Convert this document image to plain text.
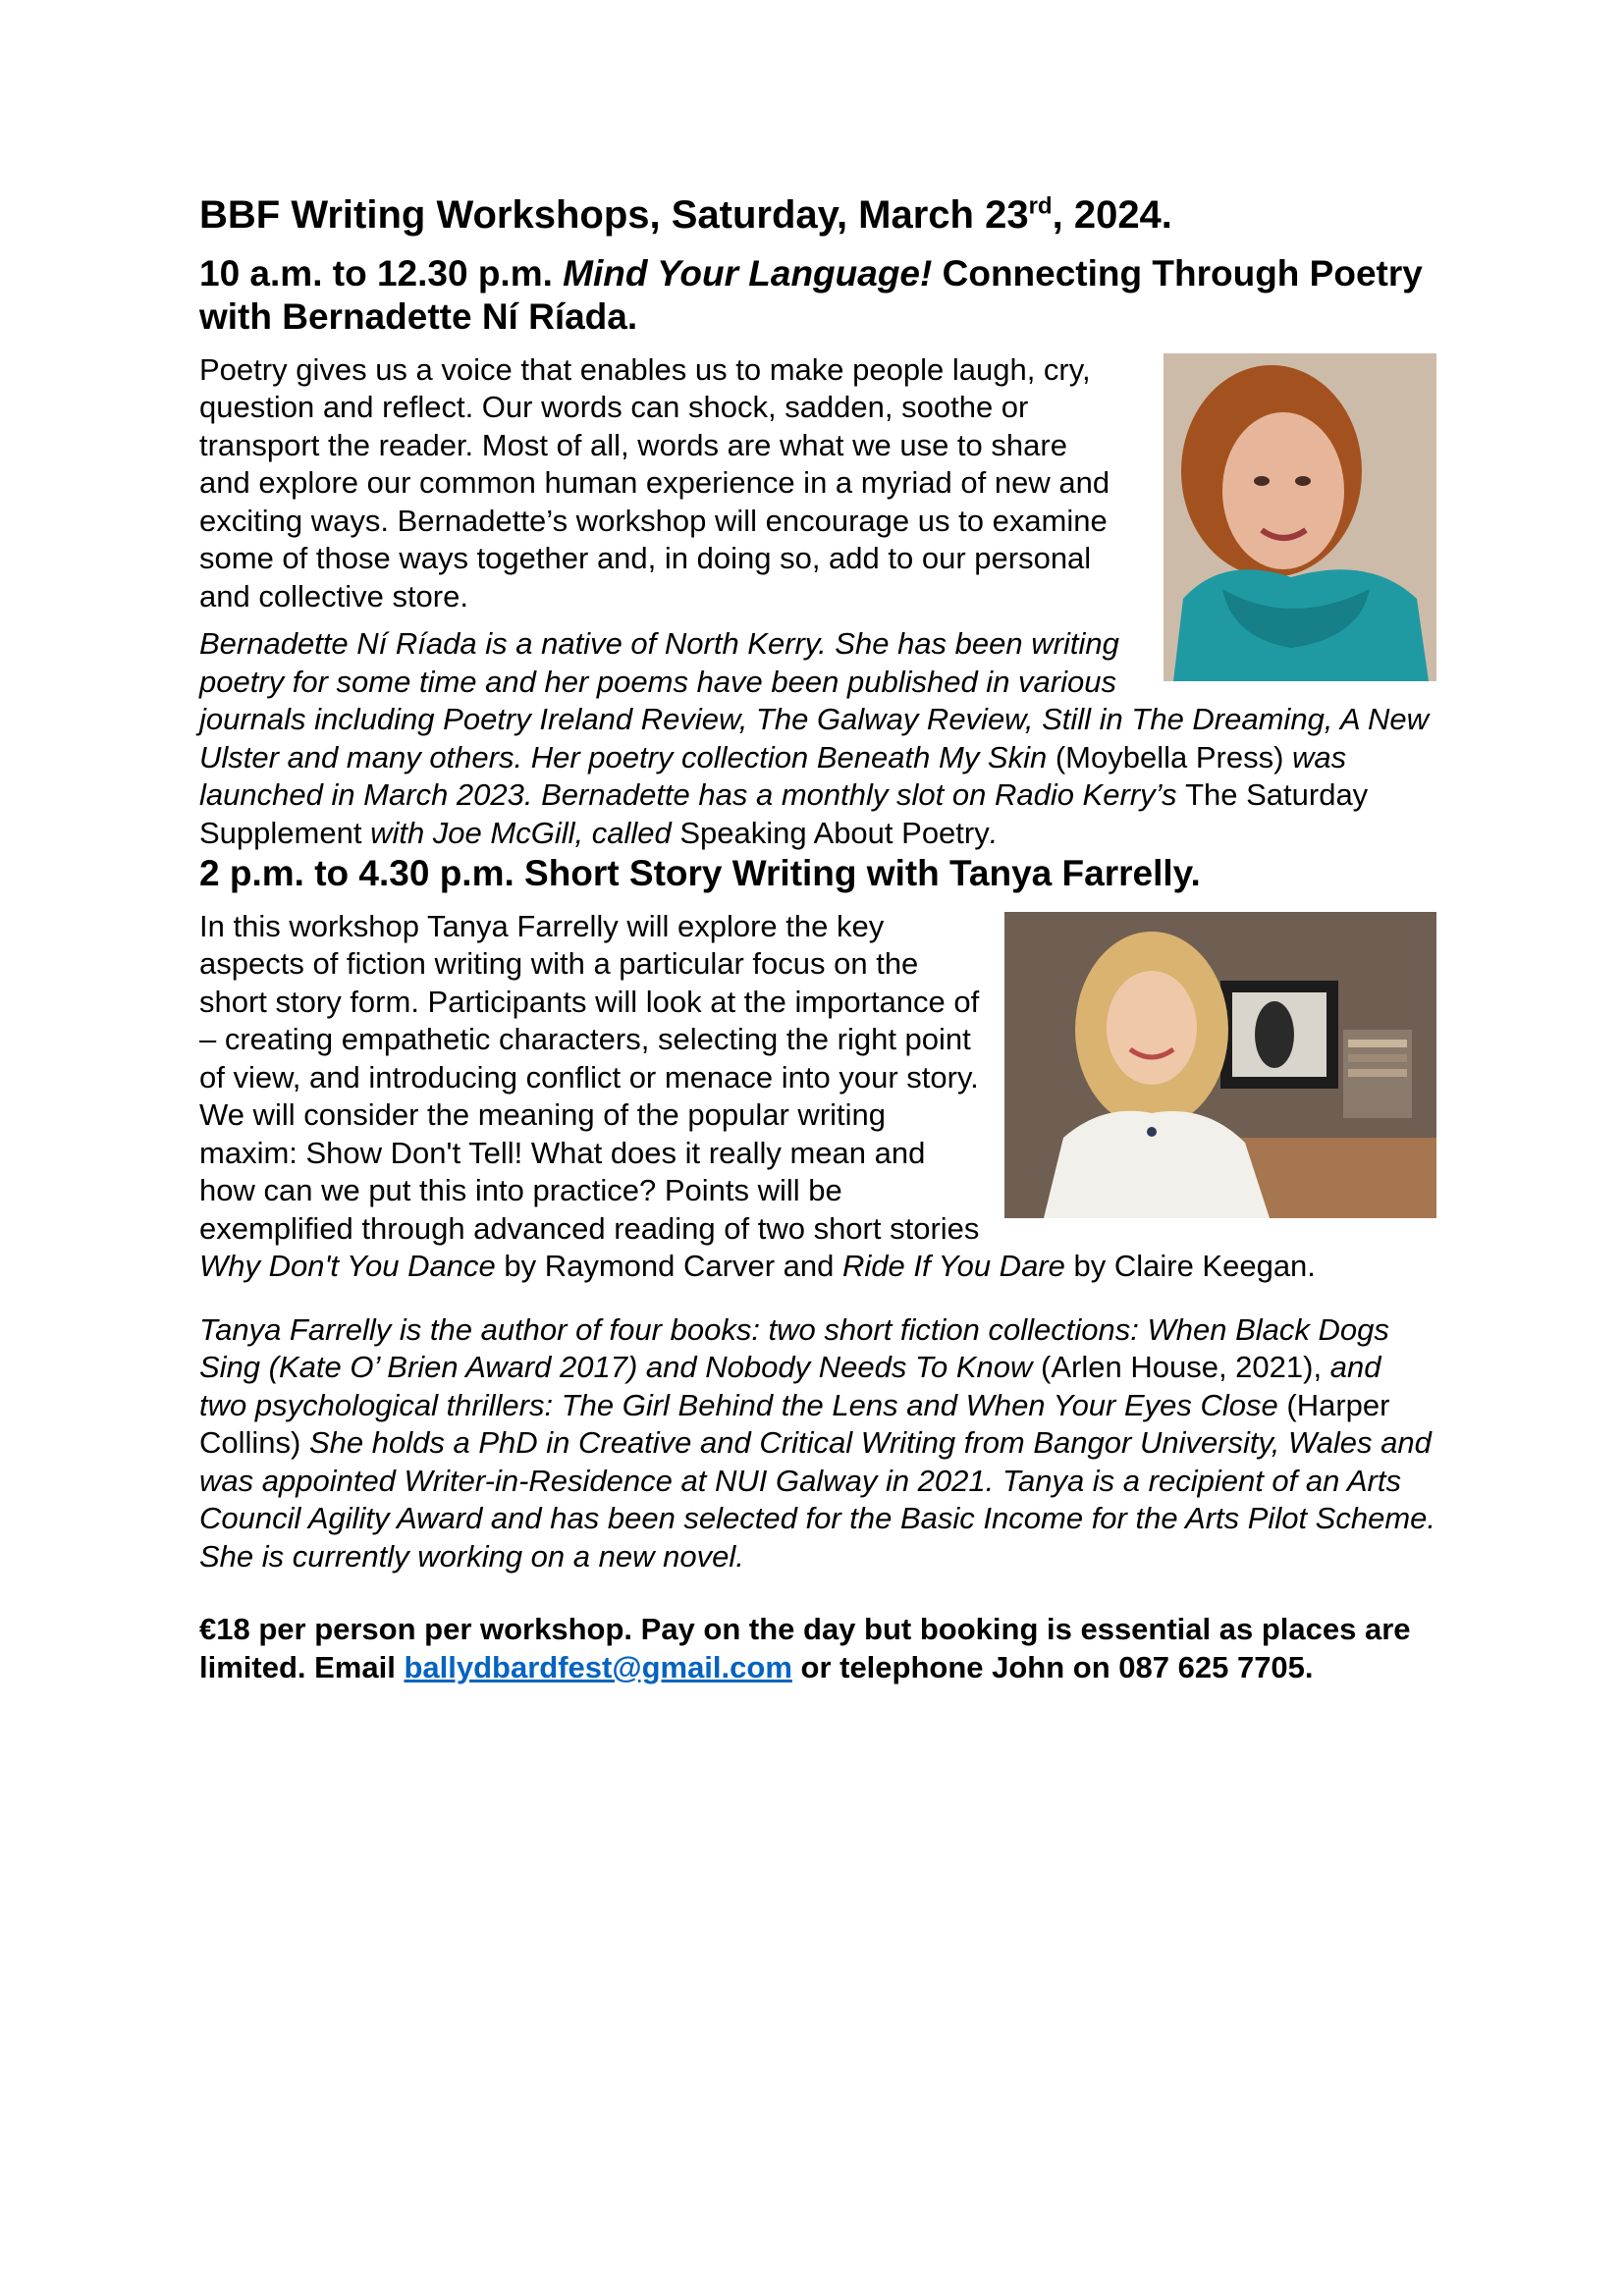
BBF Writing Workshops, Saturday, March 23rd, 2024.
10 a.m. to 12.30 p.m. Mind Your Language! Connecting Through Poetry with Bernadette Ní Ríada.

Poetry gives us a voice that enables us to make people laugh, cry, question and reflect. Our words can shock, sadden, soothe or transport the reader. Most of all, words are what we use to share and explore our common human experience in a myriad of new and exciting ways. Bernadette’s workshop will encourage us to examine some of those ways together and, in doing so, add to our personal and collective store.

Bernadette Ní Ríada is a native of North Kerry. She has been writing poetry for some time and her poems have been published in various journals including Poetry Ireland Review, The Galway Review, Still in The Dreaming, A New Ulster and many others. Her poetry collection Beneath My Skin (Moybella Press) was launched in March 2023. Bernadette has a monthly slot on Radio Kerry’s The Saturday Supplement with Joe McGill, called Speaking About Poetry.

2 p.m. to 4.30 p.m. Short Story Writing with Tanya Farrelly.

In this workshop Tanya Farrelly will explore the key aspects of fiction writing with a particular focus on the short story form. Participants will look at the importance of – creating empathetic characters, selecting the right point of view, and introducing conflict or menace into your story. We will consider the meaning of the popular writing maxim: Show Don't Tell! What does it really mean and how can we put this into practice? Points will be exemplified through advanced reading of two short stories Why Don't You Dance by Raymond Carver and Ride If You Dare by Claire Keegan.

Tanya Farrelly is the author of four books: two short fiction collections: When Black Dogs Sing (Kate O’ Brien Award 2017) and Nobody Needs To Know (Arlen House, 2021), and two psychological thrillers: The Girl Behind the Lens and When Your Eyes Close (Harper Collins) She holds a PhD in Creative and Critical Writing from Bangor University, Wales and was appointed Writer-in-Residence at NUI Galway in 2021. Tanya is a recipient of an Arts Council Agility Award and has been selected for the Basic Income for the Arts Pilot Scheme. She is currently working on a new novel.

€18 per person per workshop. Pay on the day but booking is essential as places are limited. Email ballydbardfest@gmail.com or telephone John on 087 625 7705.
